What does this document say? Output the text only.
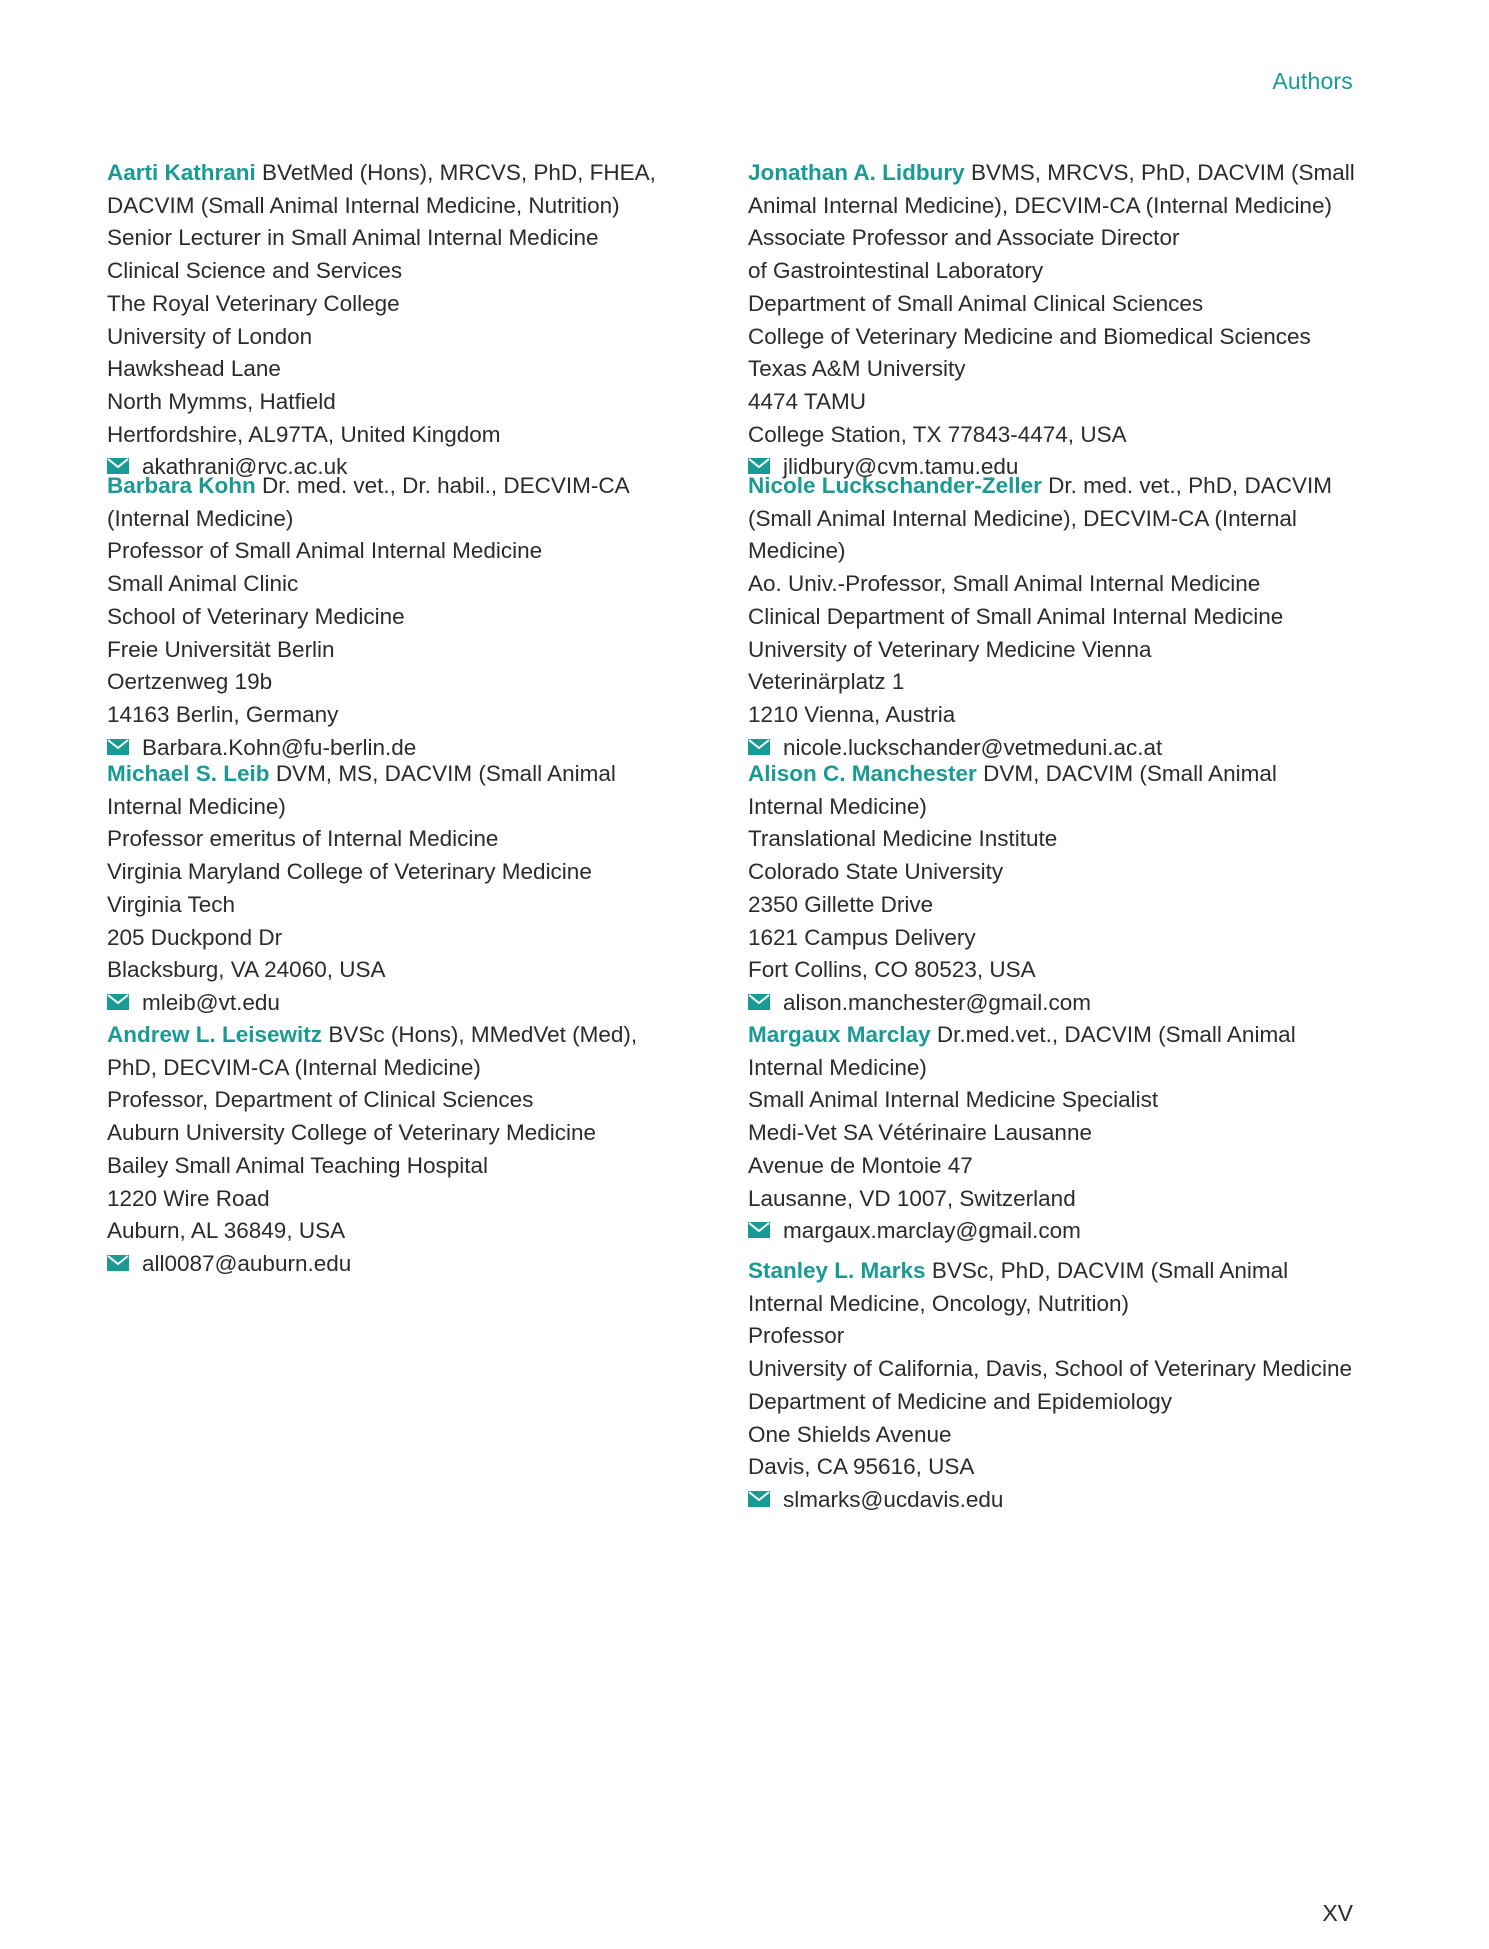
Authors
Aarti Kathrani BVetMed (Hons), MRCVS, PhD, FHEA,
DACVIM (Small Animal Internal Medicine, Nutrition)
Senior Lecturer in Small Animal Internal Medicine
Clinical Science and Services
The Royal Veterinary College
University of London
Hawkshead Lane
North Mymms, Hatfield
Hertfordshire, AL97TA, United Kingdom
akathrani@rvc.ac.uk
Barbara Kohn Dr. med. vet., Dr. habil., DECVIM-CA
(Internal Medicine)
Professor of Small Animal Internal Medicine
Small Animal Clinic
School of Veterinary Medicine
Freie Universität Berlin
Oertzenweg 19b
14163 Berlin, Germany
Barbara.Kohn@fu-berlin.de
Michael S. Leib DVM, MS, DACVIM (Small Animal
Internal Medicine)
Professor emeritus of Internal Medicine
Virginia Maryland College of Veterinary Medicine
Virginia Tech
205 Duckpond Dr
Blacksburg, VA 24060, USA
mleib@vt.edu
Andrew L. Leisewitz BVSc (Hons), MMedVet (Med),
PhD, DECVIM-CA (Internal Medicine)
Professor, Department of Clinical Sciences
Auburn University College of Veterinary Medicine
Bailey Small Animal Teaching Hospital
1220 Wire Road
Auburn, AL 36849, USA
all0087@auburn.edu
Jonathan A. Lidbury BVMS, MRCVS, PhD, DACVIM (Small
Animal Internal Medicine), DECVIM-CA (Internal Medicine)
Associate Professor and Associate Director
of Gastrointestinal Laboratory
Department of Small Animal Clinical Sciences
College of Veterinary Medicine and Biomedical Sciences
Texas A&M University
4474 TAMU
College Station, TX 77843-4474, USA
jlidbury@cvm.tamu.edu
Nicole Luckschander-Zeller Dr. med. vet., PhD, DACVIM
(Small Animal Internal Medicine), DECVIM-CA (Internal
Medicine)
Ao. Univ.-Professor, Small Animal Internal Medicine
Clinical Department of Small Animal Internal Medicine
University of Veterinary Medicine Vienna
Veterinärplatz 1
1210 Vienna, Austria
nicole.luckschander@vetmeduni.ac.at
Alison C. Manchester DVM, DACVIM (Small Animal
Internal Medicine)
Translational Medicine Institute
Colorado State University
2350 Gillette Drive
1621 Campus Delivery
Fort Collins, CO 80523, USA
alison.manchester@gmail.com
Margaux Marclay Dr.med.vet., DACVIM (Small Animal
Internal Medicine)
Small Animal Internal Medicine Specialist
Medi-Vet SA Vétérinaire Lausanne
Avenue de Montoie 47
Lausanne, VD 1007, Switzerland
margaux.marclay@gmail.com
Stanley L. Marks BVSc, PhD, DACVIM (Small Animal
Internal Medicine, Oncology, Nutrition)
Professor
University of California, Davis, School of Veterinary Medicine
Department of Medicine and Epidemiology
One Shields Avenue
Davis, CA 95616, USA
slmarks@ucdavis.edu
XV
